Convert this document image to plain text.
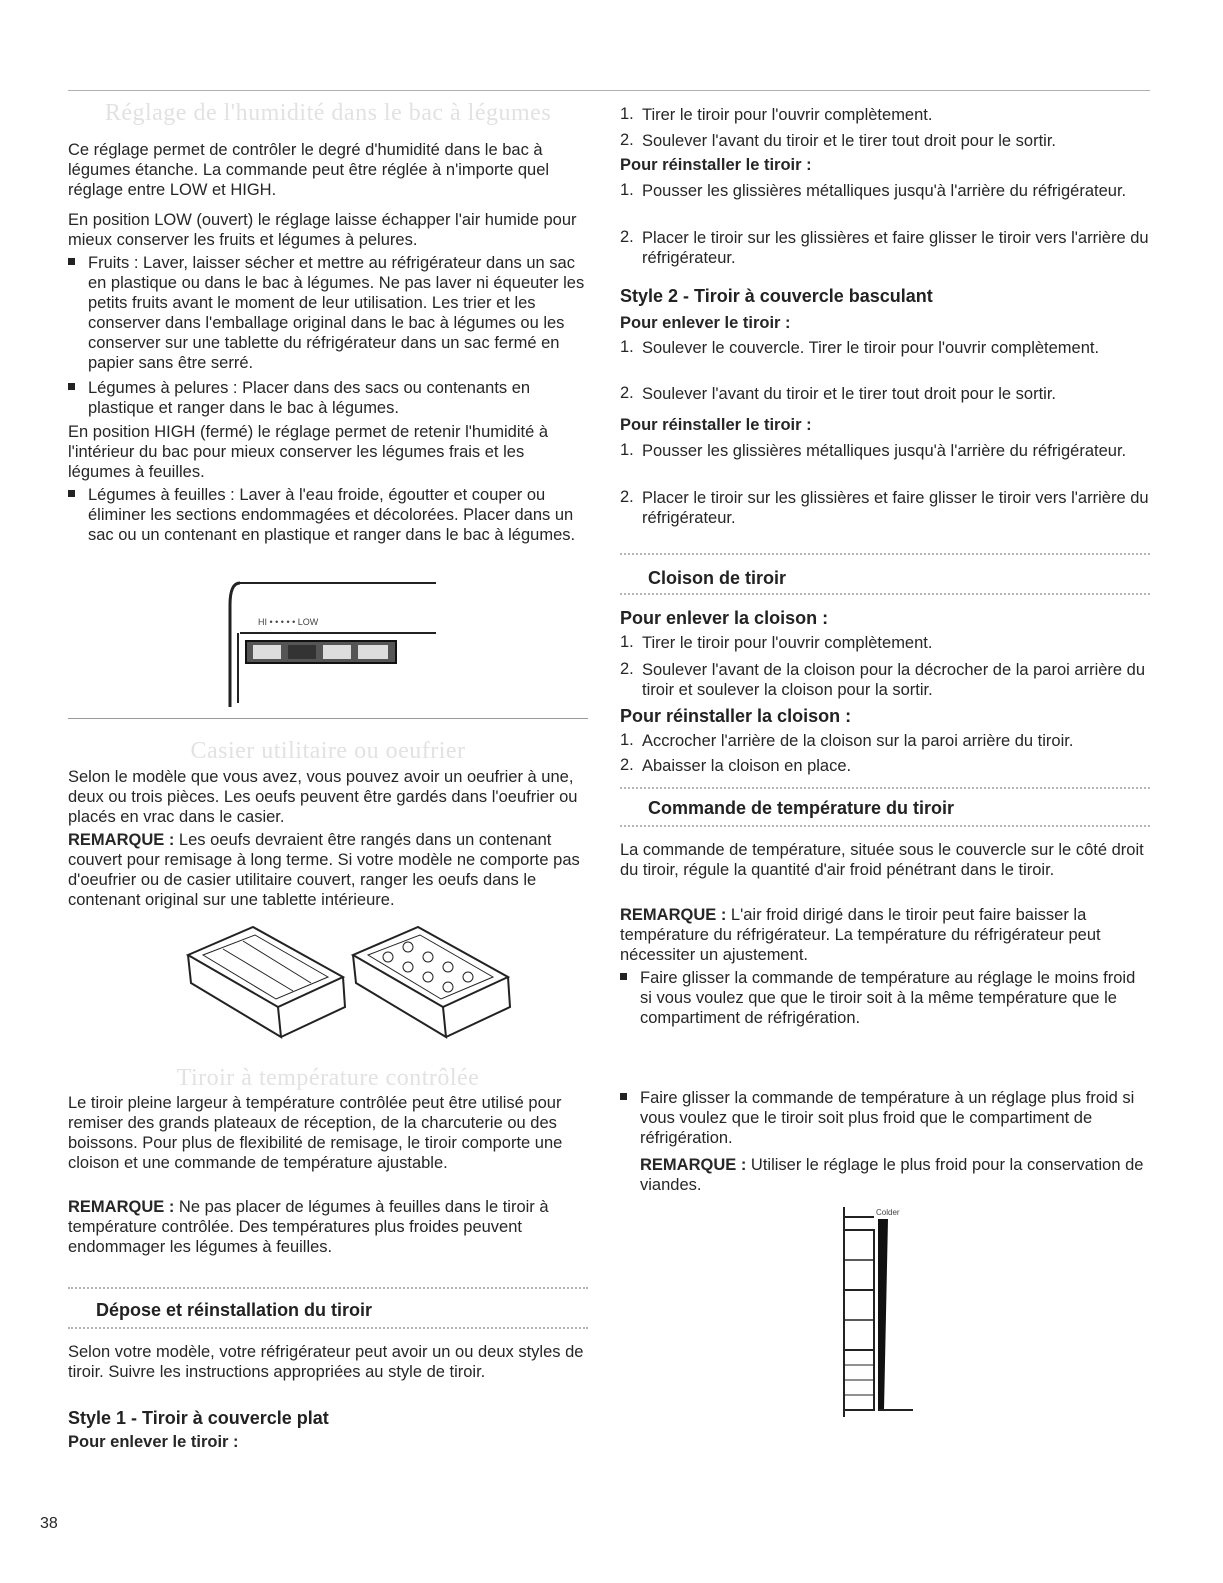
Réglage de l'humidité dans le bac à légumes

Ce réglage permet de contrôler le degré d'humidité dans le bac à légumes étanche. La commande peut être réglée à n'importe quel réglage entre LOW et HIGH.

En position LOW (ouvert) le réglage laisse échapper l'air humide pour mieux conserver les fruits et légumes à pelures.

Fruits : Laver, laisser sécher et mettre au réfrigérateur dans un sac en plastique ou dans le bac à légumes. Ne pas laver ni équeuter les petits fruits avant le moment de leur utilisation. Les trier et les conserver dans l'emballage original dans le bac à légumes ou les conserver sur une tablette du réfrigérateur dans un sac fermé en papier sans être serré.

Légumes à pelures : Placer dans des sacs ou contenants en plastique et ranger dans le bac à légumes.

En position HIGH (fermé) le réglage permet de retenir l'humidité à l'intérieur du bac pour mieux conserver les légumes frais et les légumes à feuilles.

Légumes à feuilles : Laver à l'eau froide, égoutter et couper ou éliminer les sections endommagées et décolorées. Placer dans un sac ou un contenant en plastique et ranger dans le bac à légumes.

HI • • • • • LOW
Casier utilitaire ou oeufrier

Selon le modèle que vous avez, vous pouvez avoir un oeufrier à une, deux ou trois pièces. Les oeufs peuvent être gardés dans l'oeufrier ou placés en vrac dans le casier.

REMARQUE : Les oeufs devraient être rangés dans un contenant couvert pour remisage à long terme. Si votre modèle ne comporte pas d'oeufrier ou de casier utilitaire couvert, ranger les oeufs dans le contenant original sur une tablette intérieure.

Tiroir à température contrôlée

Le tiroir pleine largeur à température contrôlée peut être utilisé pour remiser des grands plateaux de réception, de la charcuterie ou des boissons. Pour plus de flexibilité de remisage, le tiroir comporte une cloison et une commande de température ajustable.

REMARQUE : Ne pas placer de légumes à feuilles dans le tiroir à température contrôlée. Des températures plus froides peuvent endommager les légumes à feuilles.

Dépose et réinstallation du tiroir

Selon votre modèle, votre réfrigérateur peut avoir un ou deux styles de tiroir. Suivre les instructions appropriées au style de tiroir.

Style 1 - Tiroir à couvercle plat

Pour enlever le tiroir :

1. Tirer le tiroir pour l'ouvrir complètement.

2. Soulever l'avant du tiroir et le tirer tout droit pour le sortir.

Pour réinstaller le tiroir :

1. Pousser les glissières métalliques jusqu'à l'arrière du réfrigérateur.

2. Placer le tiroir sur les glissières et faire glisser le tiroir vers l'arrière du réfrigérateur.

Style 2 - Tiroir à couvercle basculant

Pour enlever le tiroir :

1. Soulever le couvercle. Tirer le tiroir pour l'ouvrir complètement.

2. Soulever l'avant du tiroir et le tirer tout droit pour le sortir.

Pour réinstaller le tiroir :

1. Pousser les glissières métalliques jusqu'à l'arrière du réfrigérateur.

2. Placer le tiroir sur les glissières et faire glisser le tiroir vers l'arrière du réfrigérateur.

Cloison de tiroir
Pour enlever la cloison :
1. Tirer le tiroir pour l'ouvrir complètement.

2. Soulever l'avant de la cloison pour la décrocher de la paroi arrière du tiroir et soulever la cloison pour la sortir.

Pour réinstaller la cloison :
1. Accrocher l'arrière de la cloison sur la paroi arrière du tiroir.

2. Abaisser la cloison en place.

Commande de température du tiroir

La commande de température, située sous le couvercle sur le côté droit du tiroir, régule la quantité d'air froid pénétrant dans le tiroir.

REMARQUE : L'air froid dirigé dans le tiroir peut faire baisser la température du réfrigérateur. La température du réfrigérateur peut nécessiter un ajustement.

Faire glisser la commande de température au réglage le moins froid si vous voulez que que le tiroir soit à la même température que le compartiment de réfrigération.

Faire glisser la commande de température à un réglage plus froid si vous voulez que le tiroir soit plus froid que le compartiment de réfrigération.

REMARQUE : Utiliser le réglage le plus froid pour la conservation de viandes.

Colder
38
